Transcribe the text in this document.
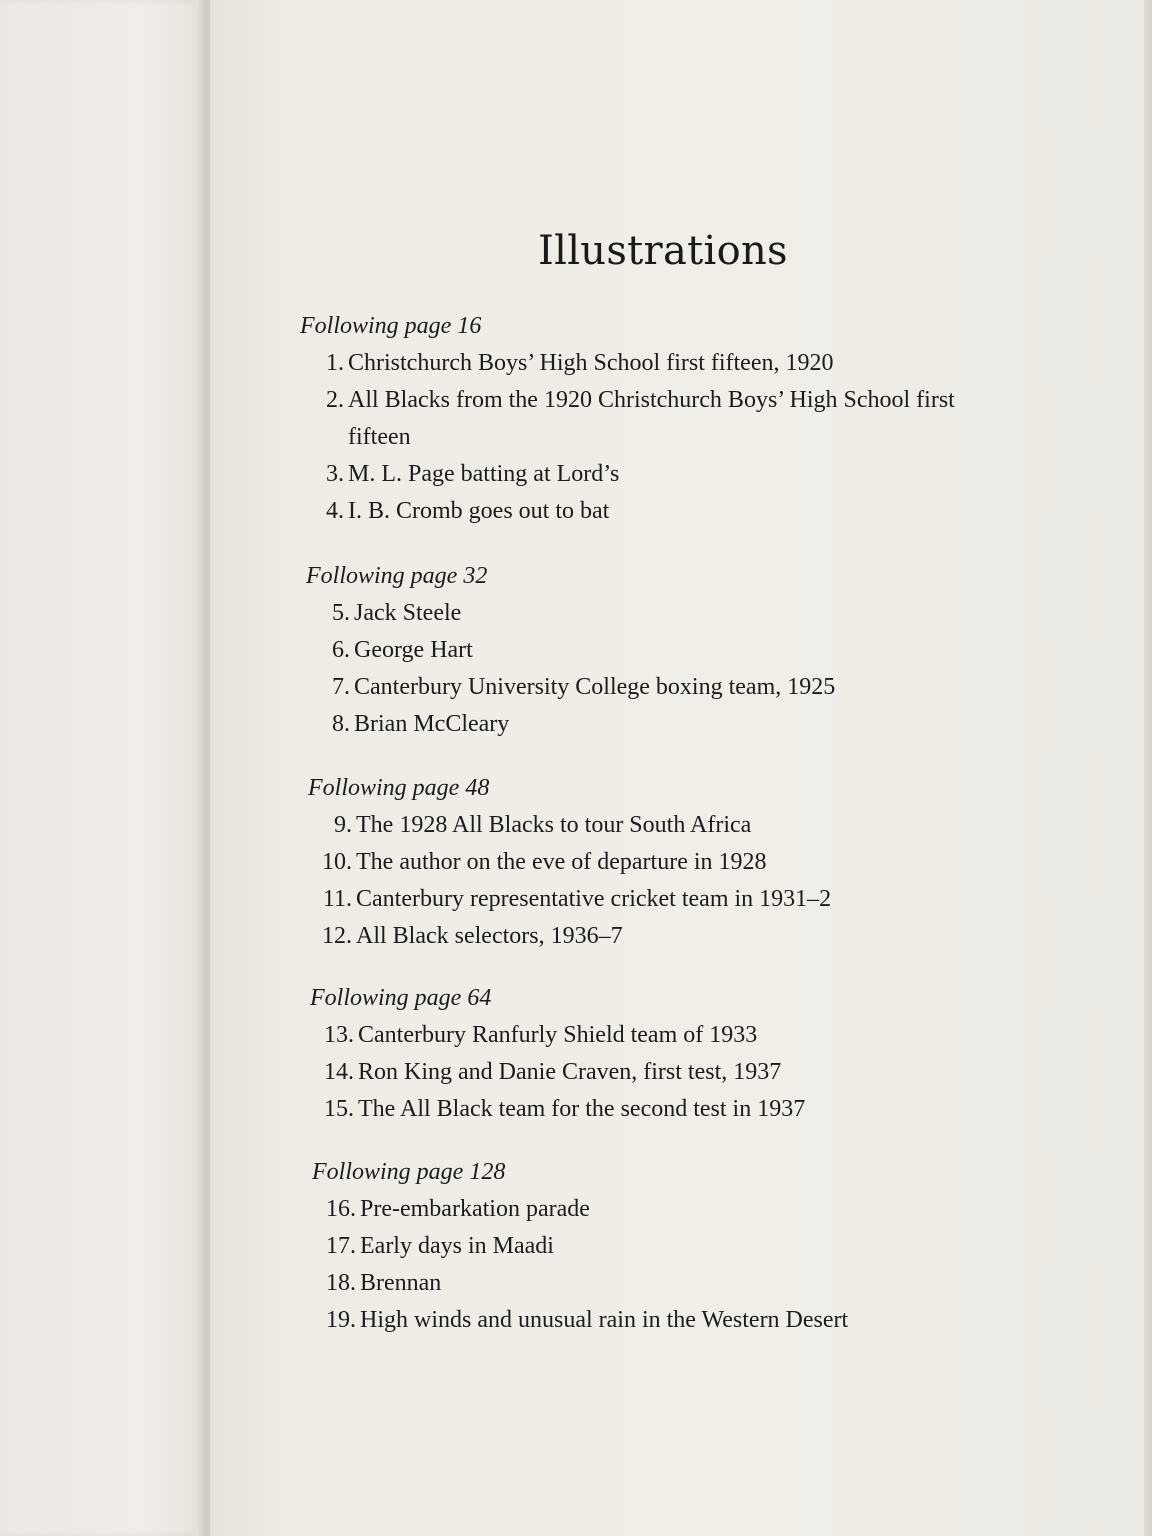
Illustrations
Following page 16
1. Christchurch Boys’ High School first fifteen, 1920
2. All Blacks from the 1920 Christchurch Boys’ High School first fifteen
3. M. L. Page batting at Lord’s
4. I. B. Cromb goes out to bat
Following page 32
5. Jack Steele
6. George Hart
7. Canterbury University College boxing team, 1925
8. Brian McCleary
Following page 48
9. The 1928 All Blacks to tour South Africa
10. The author on the eve of departure in 1928
11. Canterbury representative cricket team in 1931–2
12. All Black selectors, 1936–7
Following page 64
13. Canterbury Ranfurly Shield team of 1933
14. Ron King and Danie Craven, first test, 1937
15. The All Black team for the second test in 1937
Following page 128
16. Pre-embarkation parade
17. Early days in Maadi
18. Brennan
19. High winds and unusual rain in the Western Desert
